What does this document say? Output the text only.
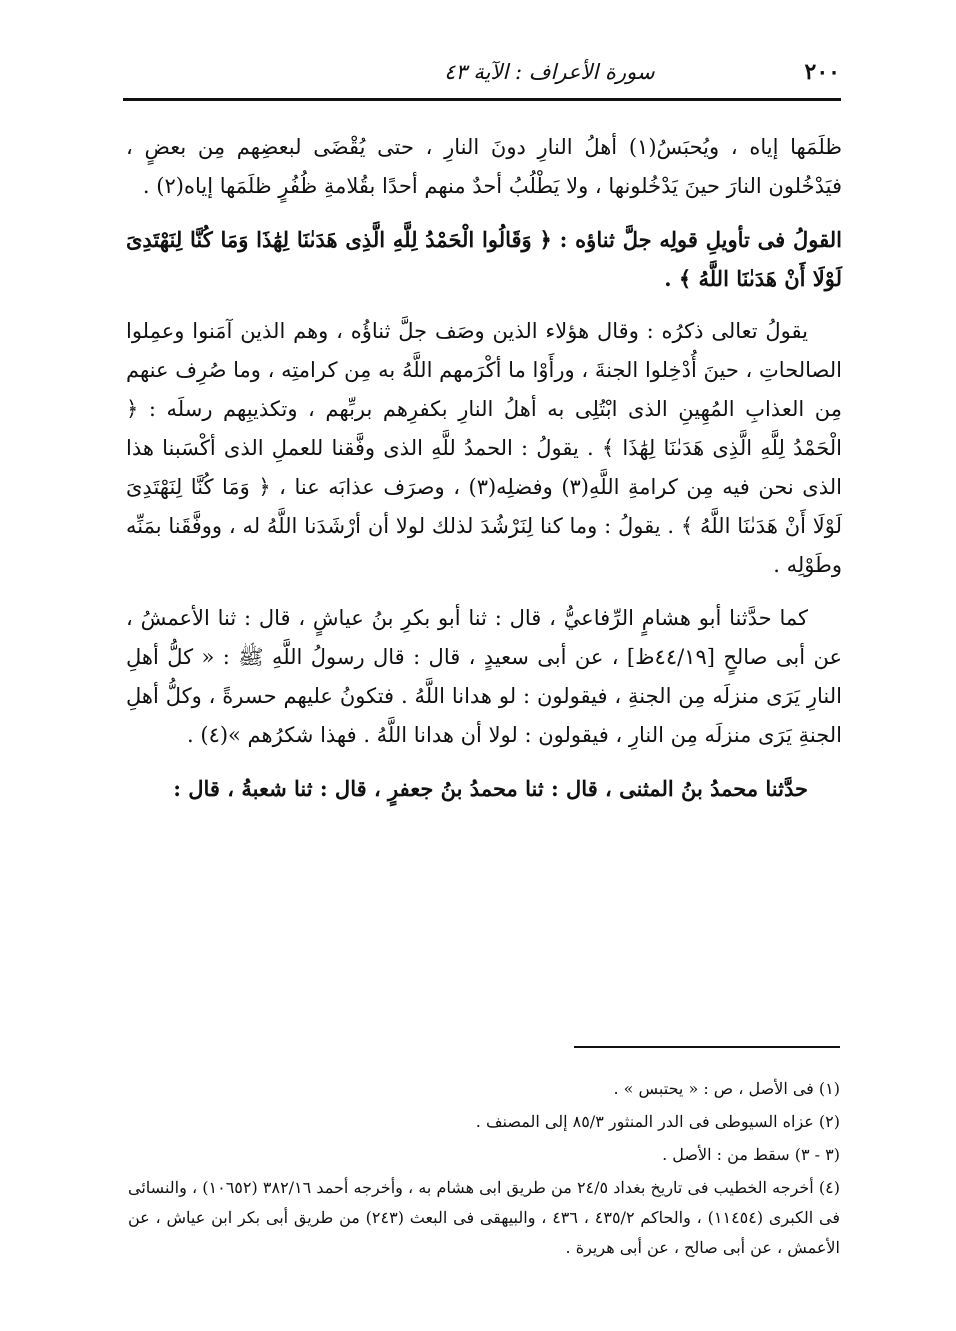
٢٠٠
سورة الأعراف : الآية ٤٣

ظلَمَها إياه ، ويُحبَسُ(١) أهلُ النارِ دونَ النارِ ، حتى يُقْضَى لبعضِهم مِن بعضٍ ، فيَدْخُلون النارَ حينَ يَدْخُلونها ، ولا يَطْلُبُ أحدٌ منهم أحدًا بقُلامةِ ظُفُرٍ ظلَمَها إياه(٢) .

القولُ فى تأويلِ قولِه جلَّ ثناؤه : ﴿ وَقَالُوا الْحَمْدُ لِلَّهِ الَّذِى هَدَىٰنَا لِهَٰذَا وَمَا كُنَّا لِنَهْتَدِىَ لَوْلَا أَنْ هَدَىٰنَا اللَّهُ ﴾ .

يقولُ تعالى ذكرُه : وقال هؤلاء الذين وصَف جلَّ ثناؤُه ، وهم الذين آمَنوا وعمِلوا الصالحاتِ ، حينَ أُدْخِلوا الجنةَ ، ورأَوْا ما أكْرَمهم اللَّهُ به مِن كرامتِه ، وما صُرِف عنهم مِن العذابِ المُهِينِ الذى ابْتُلِى به أهلُ النارِ بكفرِهم بربِّهم ، وتكذيبِهم رسلَه : ﴿ الْحَمْدُ لِلَّهِ الَّذِى هَدَىٰنَا لِهَٰذَا ﴾ . يقولُ : الحمدُ للَّهِ الذى وفَّقنا للعملِ الذى أكْسَبنا هذا الذى نحن فيه مِن كرامةِ اللَّهِ(٣) وفضلِه(٣) ، وصرَف عذابَه عنا ، ﴿ وَمَا كُنَّا لِنَهْتَدِىَ لَوْلَا أَنْ هَدَىٰنَا اللَّهُ ﴾ . يقولُ : وما كنا لِنَرْشُدَ لذلك لولا أن أرْشَدَنا اللَّهُ له ، ووفَّقَنا بمَنِّه وطَوْلِه .

كما حدَّثنا أبو هشامٍ الرِّفاعيُّ ، قال : ثنا أبو بكرِ بنُ عياشٍ ، قال : ثنا الأعمشُ ، عن أبى صالحٍ [٤٤/١٩ظ] ، عن أبى سعيدٍ ، قال : قال رسولُ اللَّهِ ﷺ : « كلُّ أهلِ النارِ يَرَى منزلَه مِن الجنةِ ، فيقولون : لو هدانا اللَّهُ . فتكونُ عليهم حسرةً ، وكلُّ أهلِ الجنةِ يَرَى منزلَه مِن النارِ ، فيقولون : لولا أن هدانا اللَّهُ . فهذا شكرُهم »(٤) .

حدَّثنا محمدُ بنُ المثنى ، قال : ثنا محمدُ بنُ جعفرٍ ، قال : ثنا شعبةُ ، قال :

(١) فى الأصل ، ص : « يحتبس » .

(٢) عزاه السيوطى فى الدر المنثور ٨٥/٣ إلى المصنف .

(٣ - ٣) سقط من : الأصل .

(٤) أخرجه الخطيب فى تاريخ بغداد ٢٤/٥ من طريق ابى هشام به ، وأخرجه أحمد ٣٨٢/١٦ (١٠٦٥٢) ، والنسائى فى الكبرى (١١٤٥٤) ، والحاكم ٤٣٥/٢ ، ٤٣٦ ، والبيهقى فى البعث (٢٤٣) من طريق أبى بكر ابن عياش ، عن الأعمش ، عن أبى صالح ، عن أبى هريرة .
